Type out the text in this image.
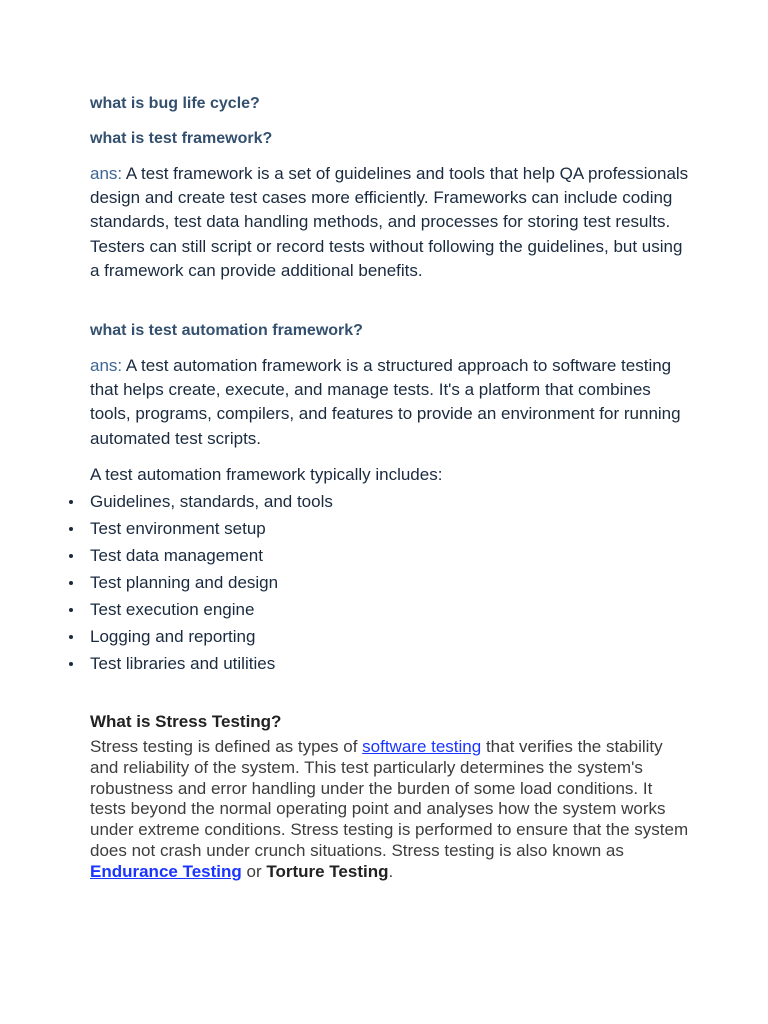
what is bug life cycle?

what is test framework?

ans: A test framework is a set of guidelines and tools that help QA professionals design and create test cases more efficiently. Frameworks can include coding standards, test data handling methods, and processes for storing test results. Testers can still script or record tests without following the guidelines, but using a framework can provide additional benefits.

what is test automation framework?

ans: A test automation framework is a structured approach to software testing that helps create, execute, and manage tests. It's a platform that combines tools, programs, compilers, and features to provide an environment for running automated test scripts.

A test automation framework typically includes:

Guidelines, standards, and tools
Test environment setup
Test data management
Test planning and design
Test execution engine
Logging and reporting
Test libraries and utilities

What is Stress Testing?

Stress testing is defined as types of software testing that verifies the stability and reliability of the system. This test particularly determines the system's robustness and error handling under the burden of some load conditions. It tests beyond the normal operating point and analyses how the system works under extreme conditions. Stress testing is performed to ensure that the system does not crash under crunch situations. Stress testing is also known as Endurance Testing or Torture Testing.
